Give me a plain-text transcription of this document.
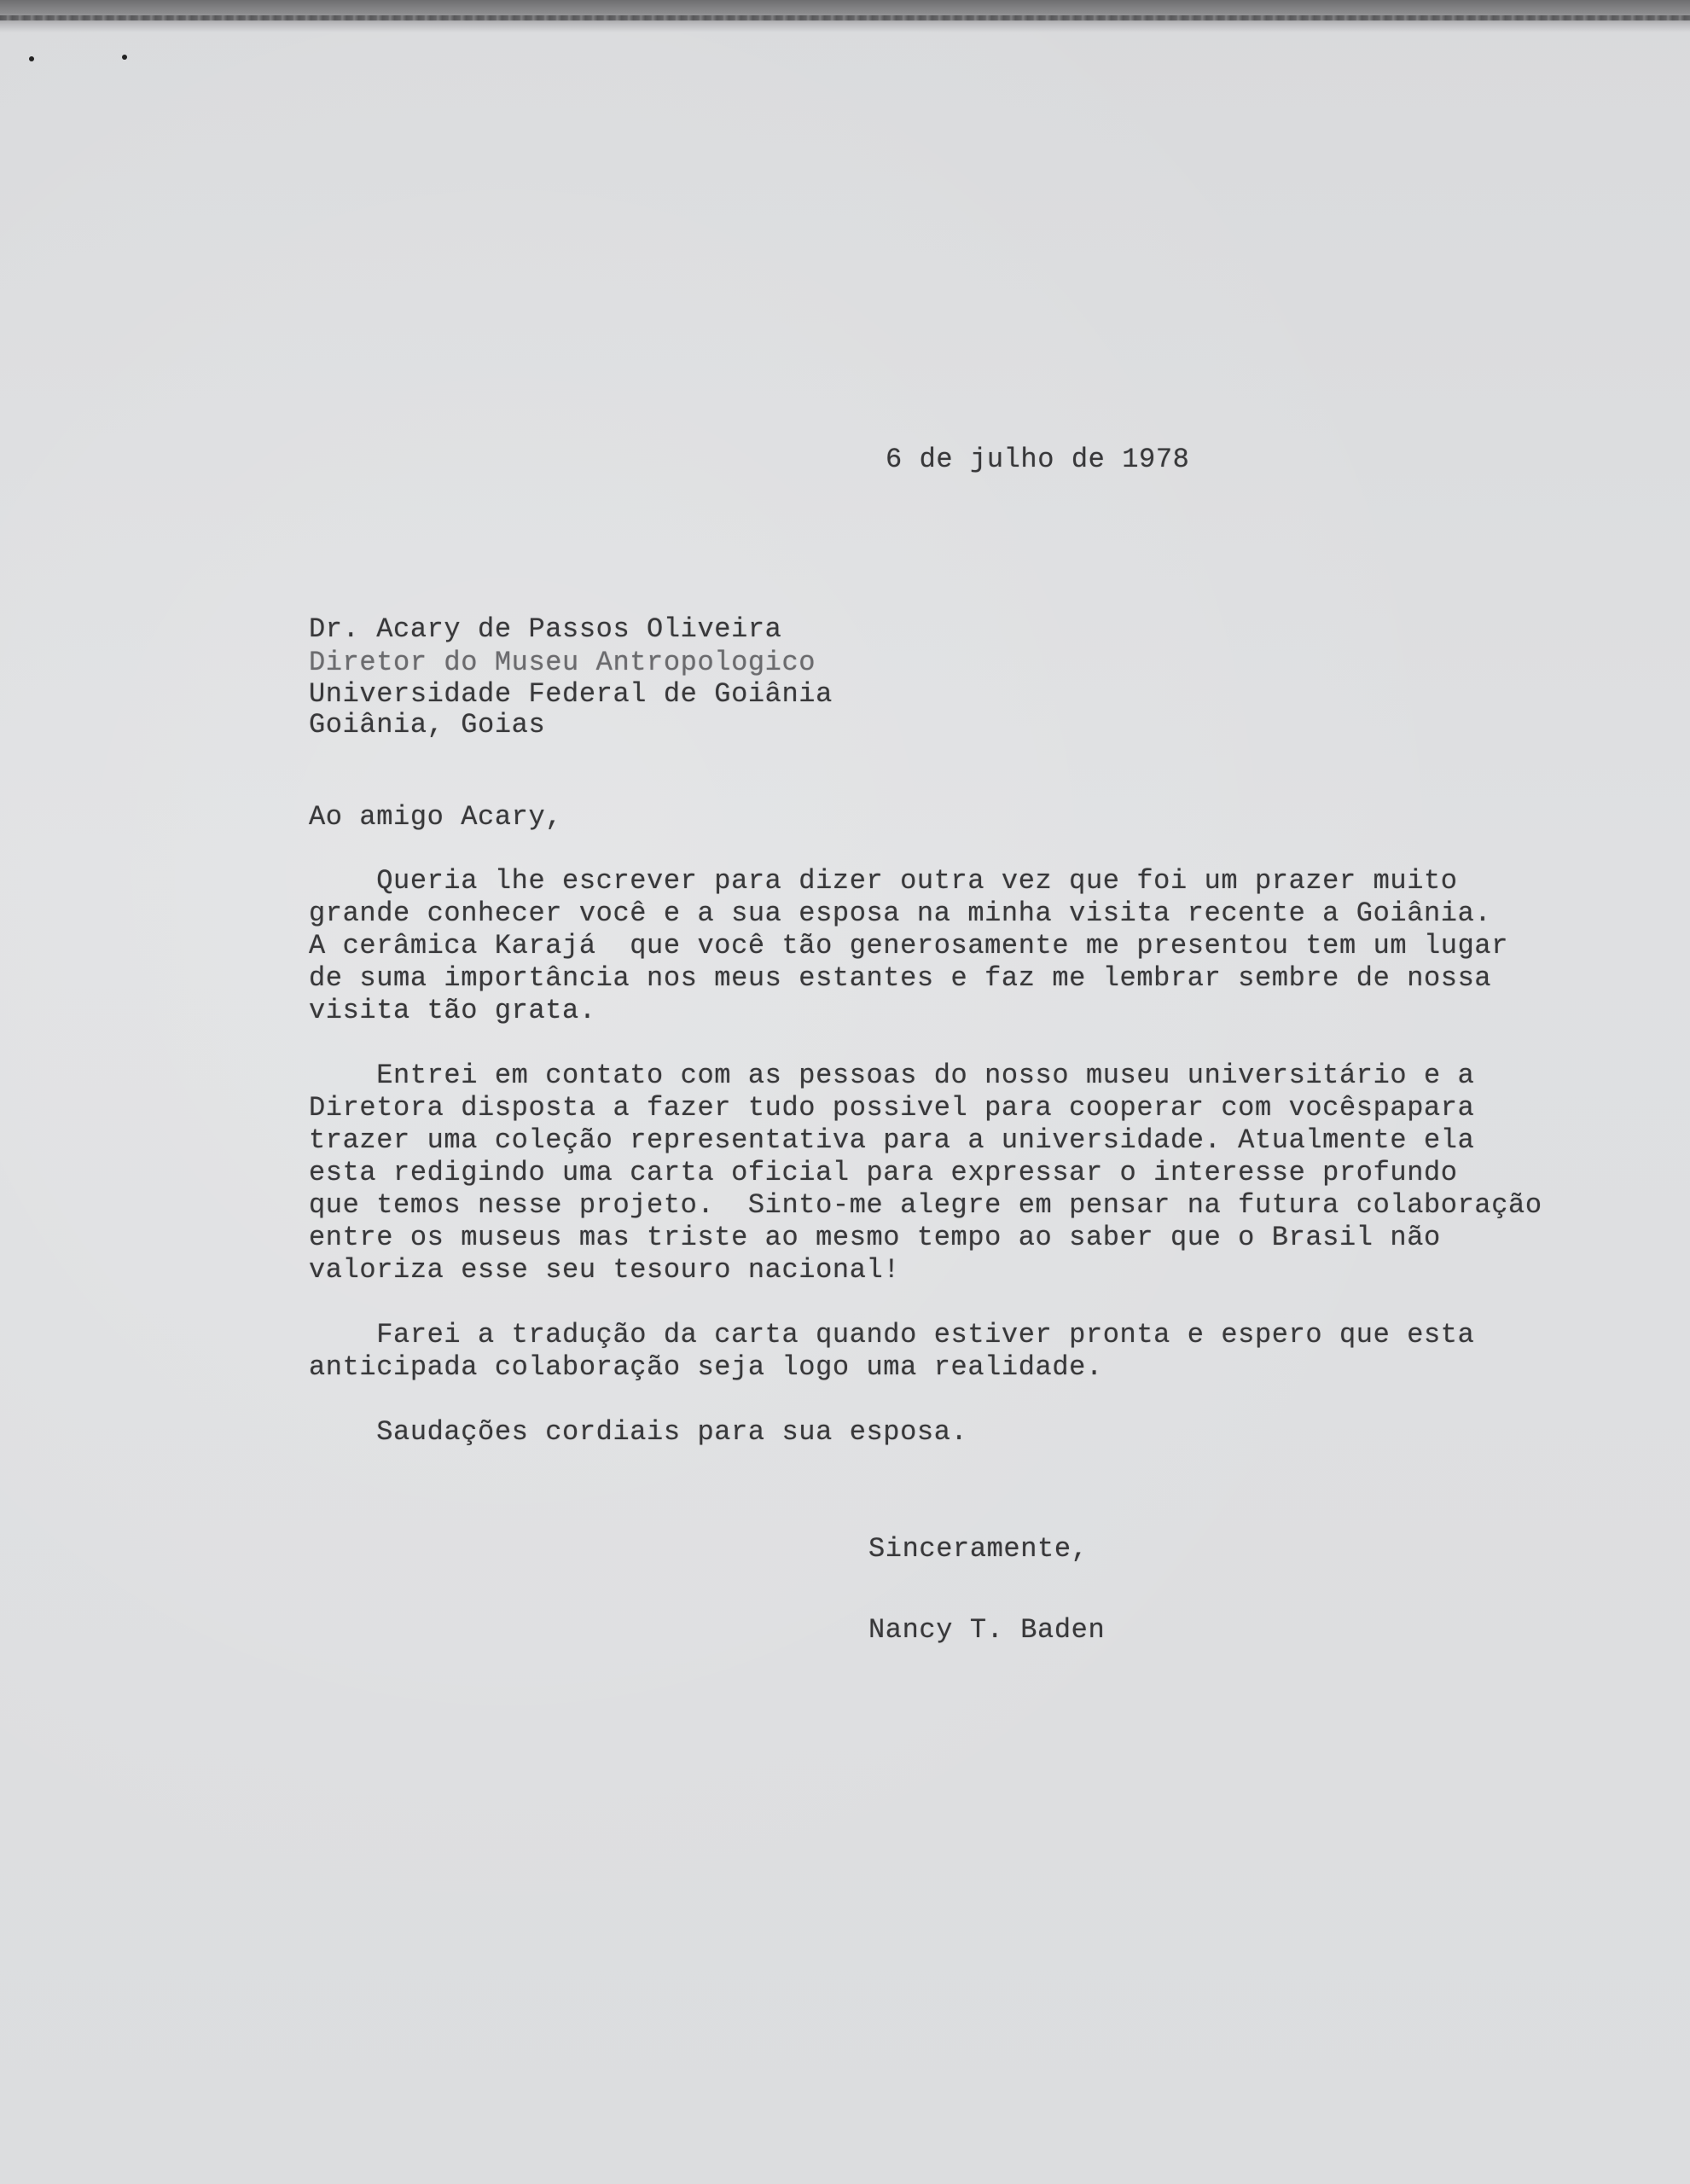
6 de julho de 1978
Dr. Acary de Passos Oliveira
Diretor do Museu Antropologico
Universidade Federal de Goiânia
Goiânia, Goias
Ao amigo Acary,
Queria lhe escrever para dizer outra vez que foi um prazer muito
grande conhecer você e a sua esposa na minha visita recente a Goiânia.
A cerâmica Karajá  que você tão generosamente me presentou tem um lugar
de suma importância nos meus estantes e faz me lembrar sembre de nossa
visita tão grata.
Entrei em contato com as pessoas do nosso museu universitário e a
Diretora disposta a fazer tudo possivel para cooperar com vocêspapara
trazer uma coleção representativa para a universidade. Atualmente ela
esta redigindo uma carta oficial para expressar o interesse profundo
que temos nesse projeto.  Sinto-me alegre em pensar na futura colaboração
entre os museus mas triste ao mesmo tempo ao saber que o Brasil não
valoriza esse seu tesouro nacional!
Farei a tradução da carta quando estiver pronta e espero que esta
anticipada colaboração seja logo uma realidade.
Saudações cordiais para sua esposa.
Sinceramente,
Nancy T. Baden
